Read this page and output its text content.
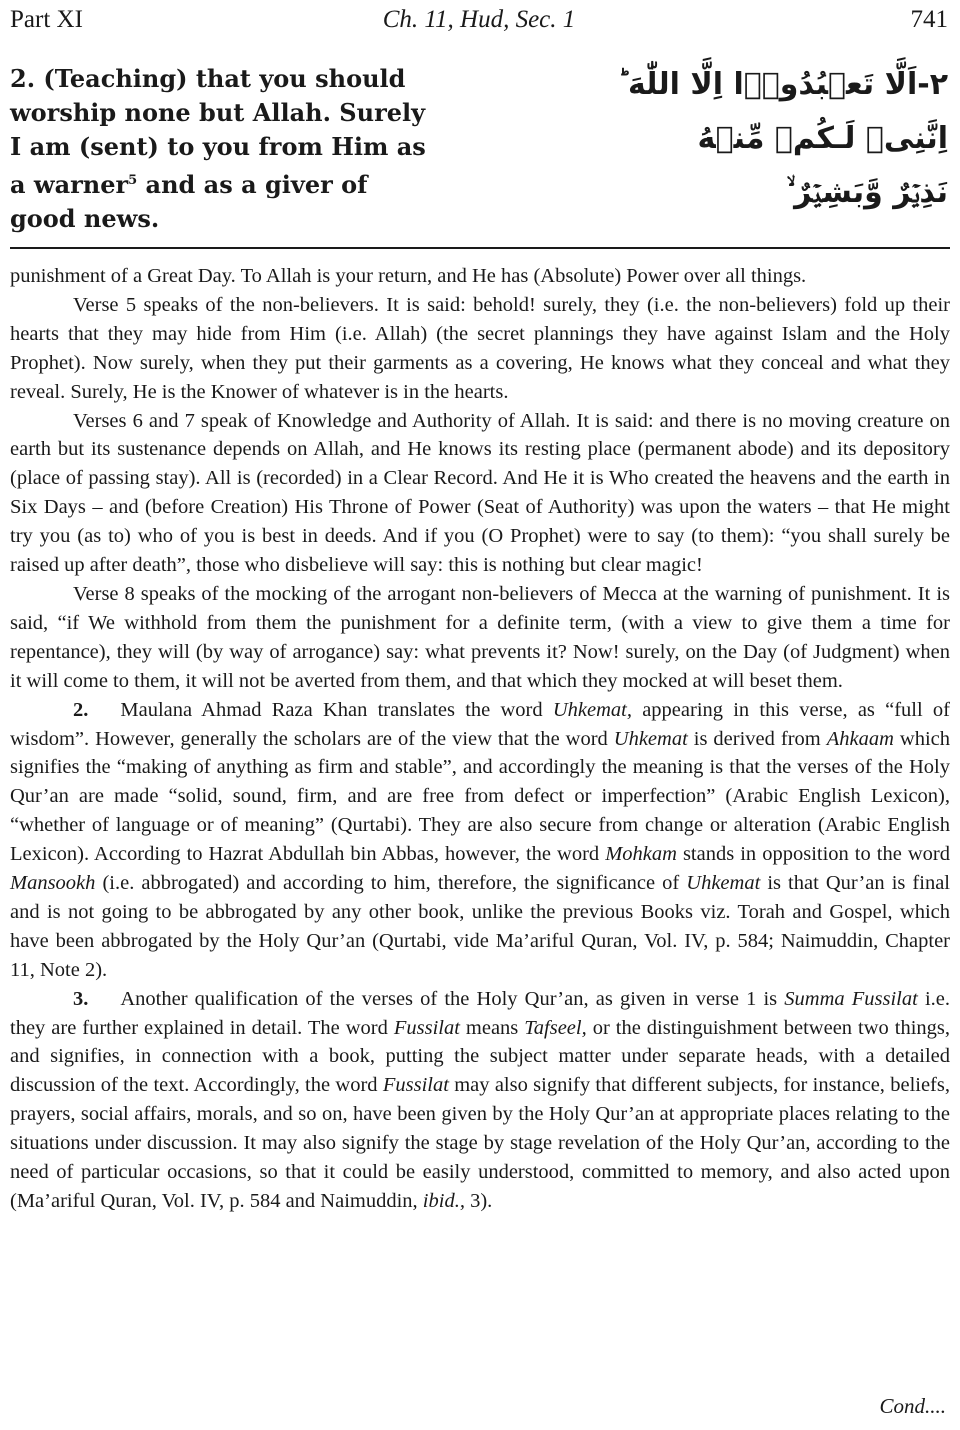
Part XI	Ch. 11, Hud, Sec. 1	741
2. (Teaching) that you should worship none but Allah. Surely I am (sent) to you from Him as a warner$^5$ and as a giver of good news.
٢-اَلَّا تَعۡبُدُوۡۤا اِلَّا اللّٰهَ ؕ
اِنَّنِىۡ لَـكُمۡ مِّنۡهُ
نَذِيۡرٌ وَّبَشِيۡرٌ ۙ

punishment of a Great Day. To Allah is your return, and He has (Absolute) Power over all things.

Verse 5 speaks of the non-believers. It is said: behold! surely, they (i.e. the non-believers) fold up their hearts that they may hide from Him (i.e. Allah) (the secret plannings they have against Islam and the Holy Prophet). Now surely, when they put their garments as a covering, He knows what they conceal and what they reveal. Surely, He is the Knower of whatever is in the hearts.

Verses 6 and 7 speak of Knowledge and Authority of Allah. It is said: and there is no moving creature on earth but its sustenance depends on Allah, and He knows its resting place (permanent abode) and its depository (place of passing stay). All is (recorded) in a Clear Record. And He it is Who created the heavens and the earth in Six Days – and (before Creation) His Throne of Power (Seat of Authority) was upon the waters – that He might try you (as to) who of you is best in deeds. And if you (O Prophet) were to say (to them): “you shall surely be raised up after death”, those who disbelieve will say: this is nothing but clear magic!

Verse 8 speaks of the mocking of the arrogant non-believers of Mecca at the warning of punishment. It is said, “if We withhold from them the punishment for a definite term, (with a view to give them a time for repentance), they will (by way of arrogance) say: what prevents it? Now! surely, on the Day (of Judgment) when it will come to them, it will not be averted from them, and that which they mocked at will beset them.

2. Maulana Ahmad Raza Khan translates the word Uhkemat, appearing in this verse, as “full of wisdom”. However, generally the scholars are of the view that the word Uhkemat is derived from Ahkaam which signifies the “making of anything as firm and stable”, and accordingly the meaning is that the verses of the Holy Qur’an are made “solid, sound, firm, and are free from defect or imperfection” (Arabic English Lexicon), “whether of language or of meaning” (Qurtabi). They are also secure from change or alteration (Arabic English Lexicon). According to Hazrat Abdullah bin Abbas, however, the word Mohkam stands in opposition to the word Mansookh (i.e. abbrogated) and according to him, therefore, the significance of Uhkemat is that Qur’an is final and is not going to be abbrogated by any other book, unlike the previous Books viz. Torah and Gospel, which have been abbrogated by the Holy Qur’an (Qurtabi, vide Ma’ariful Quran, Vol. IV, p. 584; Naimuddin, Chapter 11, Note 2).

3. Another qualification of the verses of the Holy Qur’an, as given in verse 1 is Summa Fussilat i.e. they are further explained in detail. The word Fussilat means Tafseel, or the distinguishment between two things, and signifies, in connection with a book, putting the subject matter under separate heads, with a detailed discussion of the text. Accordingly, the word Fussilat may also signify that different subjects, for instance, beliefs, prayers, social affairs, morals, and so on, have been given by the Holy Qur’an at appropriate places relating to the situations under discussion. It may also signify the stage by stage revelation of the Holy Qur’an, according to the need of particular occasions, so that it could be easily understood, committed to memory, and also acted upon (Ma’ariful Quran, Vol. IV, p. 584 and Naimuddin, ibid., 3).

Cond....
